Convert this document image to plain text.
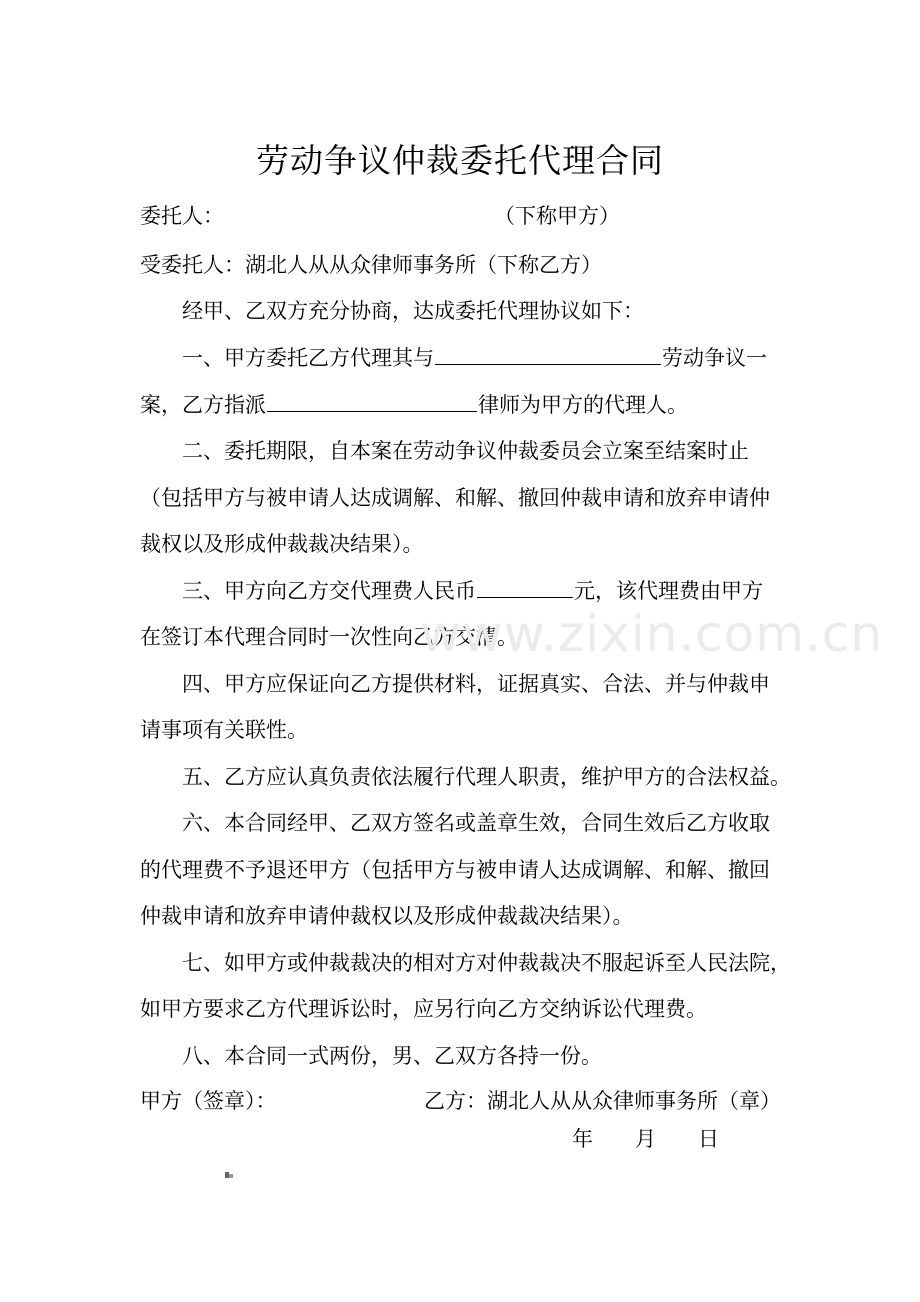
劳动争议仲裁委托代理合同
委托人：	（下称甲方）
受委托人：湖北人从从众律师事务所（下称乙方）
经甲、乙双方充分协商，达成委托代理协议如下：
一、甲方委托乙方代理其与	劳动争议一
案，乙方指派	律师为甲方的代理人。
二、委托期限，自本案在劳动争议仲裁委员会立案至结案时止
（包括甲方与被申请人达成调解、和解、撤回仲裁申请和放弃申请仲
裁权以及形成仲裁裁决结果）。
三、甲方向乙方交代理费人民币	元，该代理费由甲方
在签订本代理合同时一次性向乙方交清。
四、甲方应保证向乙方提供材料，证据真实、合法、并与仲裁申
请事项有关联性。
五、乙方应认真负责依法履行代理人职责，维护甲方的合法权益。
六、本合同经甲、乙双方签名或盖章生效，合同生效后乙方收取
的代理费不予退还甲方（包括甲方与被申请人达成调解、和解、撤回
仲裁申请和放弃申请仲裁权以及形成仲裁裁决结果）。
七、如甲方或仲裁裁决的相对方对仲裁裁决不服起诉至人民法院，
如甲方要求乙方代理诉讼时，应另行向乙方交纳诉讼代理费。
八、本合同一式两份，男、乙双方各持一份。
甲方（签章）：	乙方：湖北人从从众律师事务所（章）
年　　月　　日
www.zixin.com.cn
